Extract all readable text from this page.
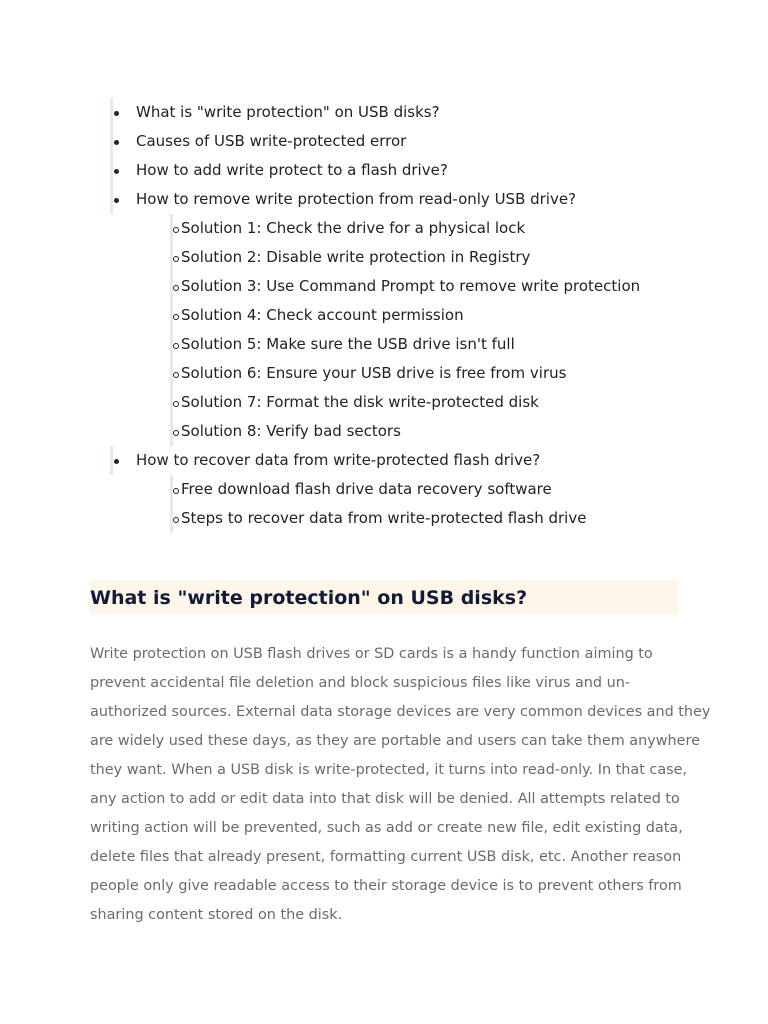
What is "write protection" on USB disks?
Causes of USB write-protected error
How to add write protect to a flash drive?
How to remove write protection from read-only USB drive?
Solution 1: Check the drive for a physical lock
Solution 2: Disable write protection in Registry
Solution 3: Use Command Prompt to remove write protection
Solution 4: Check account permission
Solution 5: Make sure the USB drive isn't full
Solution 6: Ensure your USB drive is free from virus
Solution 7: Format the disk write-protected disk
Solution 8: Verify bad sectors
How to recover data from write-protected flash drive?
Free download flash drive data recovery software
Steps to recover data from write-protected flash drive
What is "write protection" on USB disks?

Write protection on USB flash drives or SD cards is a handy function aiming to
prevent accidental file deletion and block suspicious files like virus and un-
authorized sources. External data storage devices are very common devices and they
are widely used these days, as they are portable and users can take them anywhere
they want. When a USB disk is write-protected, it turns into read-only. In that case,
any action to add or edit data into that disk will be denied. All attempts related to
writing action will be prevented, such as add or create new file, edit existing data,
delete files that already present, formatting current USB disk, etc. Another reason
people only give readable access to their storage device is to prevent others from
sharing content stored on the disk.
